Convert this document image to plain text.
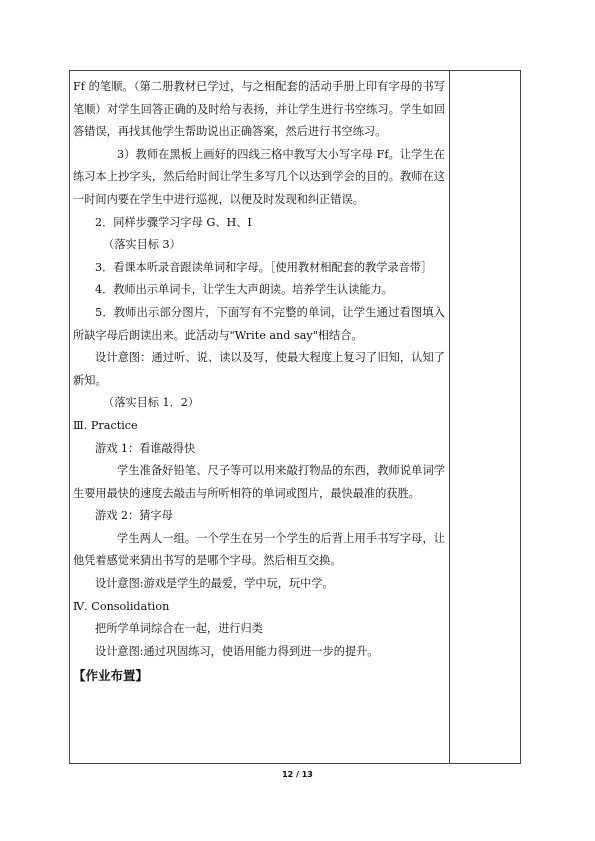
Ff 的笔顺。（第二册教材已学过，与之相配套的活动手册上印有字母的书写笔顺）对学生回答正确的及时给与表扬，并让学生进行书空练习。学生如回答错误，再找其他学生帮助说出正确答案，然后进行书空练习。

3）教师在黑板上画好的四线三格中教写大小写字母 Ff。让学生在练习本上抄字头，然后给时间让学生多写几个以达到学会的目的。教师在这一时间内要在学生中进行巡视，以便及时发现和纠正错误。

2．同样步骤学习字母 G、H、I

（落实目标 3）

3．看课本听录音跟读单词和字母。［使用教材相配套的教学录音带］

4．教师出示单词卡，让学生大声朗读。培养学生认读能力。

5．教师出示部分图片，下面写有不完整的单词，让学生通过看图填入所缺字母后朗读出来。此活动与"Write and say"相结合。

设计意图：通过听、说、读以及写，使最大程度上复习了旧知，认知了新知。

（落实目标 1．2）

Ⅲ. Practice

游戏 1：看谁敲得快

学生准备好铅笔、尺子等可以用来敲打物品的东西，教师说单词学生要用最快的速度去敲击与所听相符的单词或图片，最快最准的获胜。

游戏 2：猜字母

学生两人一组。一个学生在另一个学生的后背上用手书写字母，让他凭着感觉来猜出书写的是哪个字母。然后相互交换。

设计意图:游戏是学生的最爱，学中玩，玩中学。

Ⅳ. Consolidation

把所学单词综合在一起，进行归类

设计意图:通过巩固练习，使语用能力得到进一步的提升。

【作业布置】

12 / 13
